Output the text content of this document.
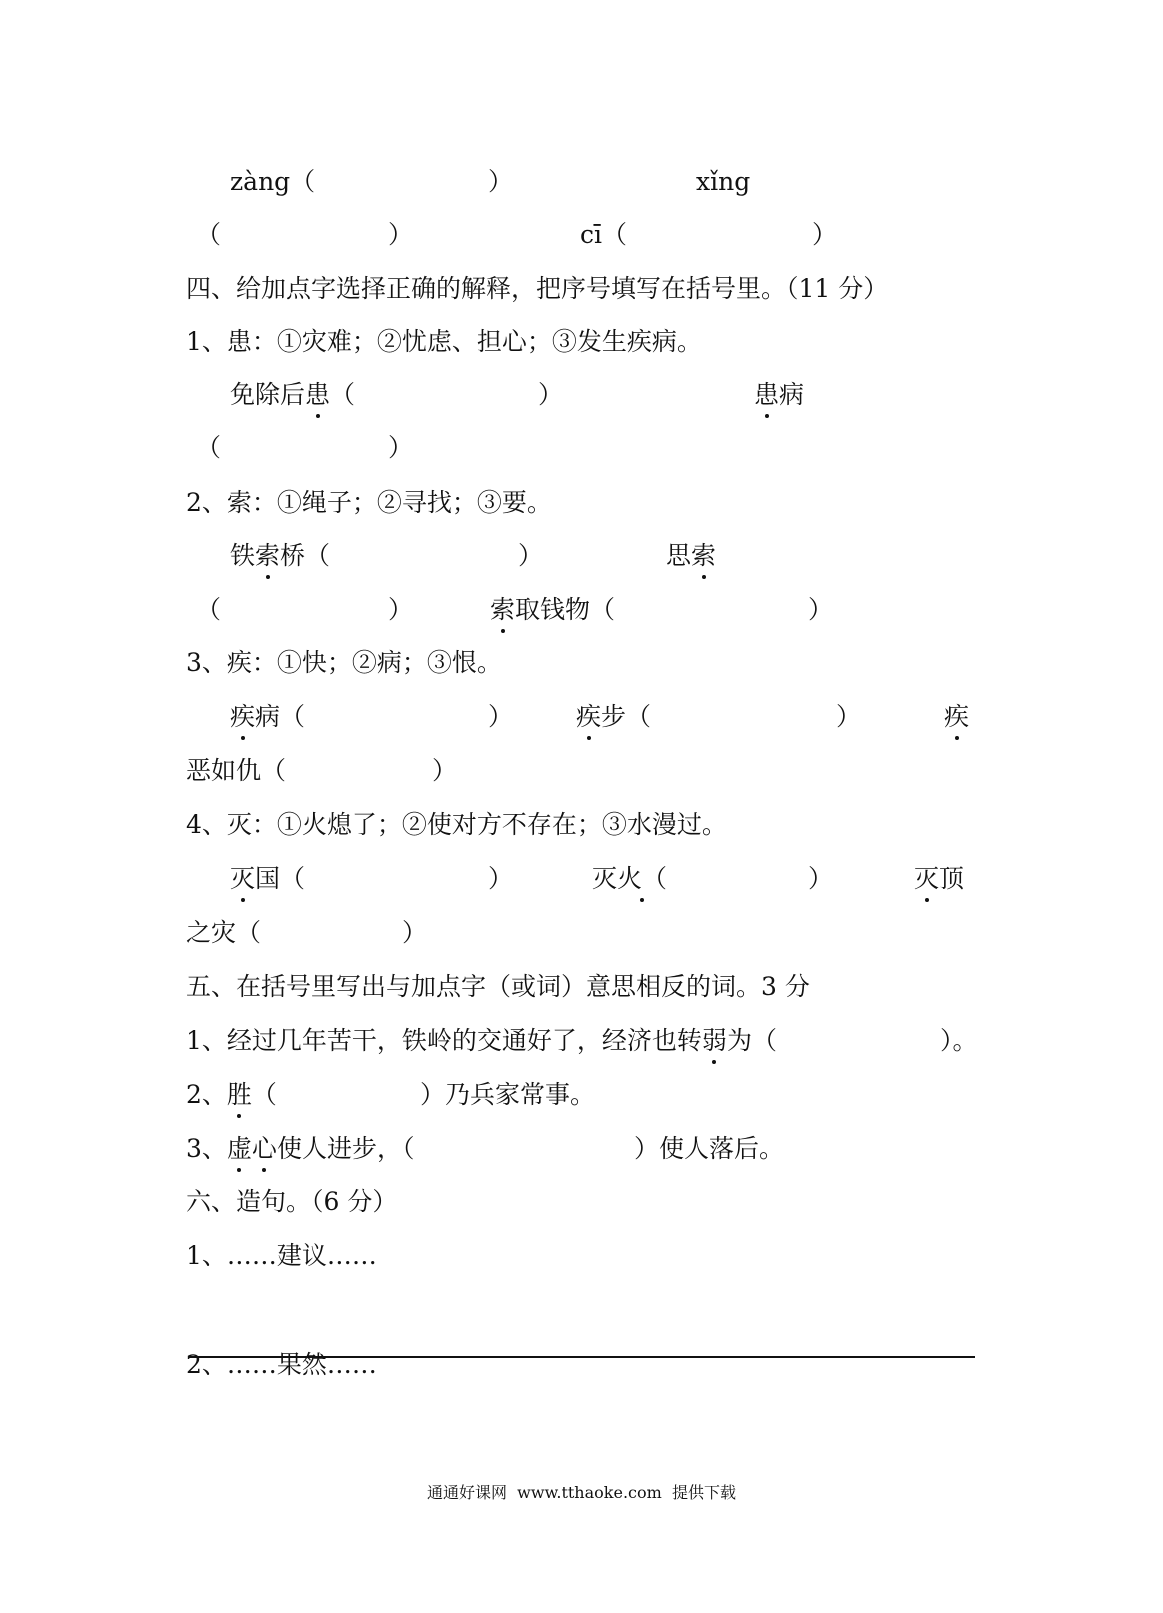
zàng（	）	xǐng
（	）	cī（	）
四、给加点字选择正确的解释，把序号填写在括号里。（11 分）
1、患：①灾难；②忧虑、担心；③发生疾病。
免除后患（	）	患病
（	）
2、索：①绳子；②寻找；③要。
铁索桥（	）	思索
（	）	索取钱物（	）
3、疾：①快；②病；③恨。
疾病（	）	疾步（	）	疾
恶如仇（	）
4、灭：①火熄了；②使对方不存在；③水漫过。
灭国（	）	灭火（	）	灭顶
之灾（	）
五、在括号里写出与加点字（或词）意思相反的词。3 分
1、经过几年苦干，铁岭的交通好了，经济也转弱为（	）。
2、胜（	）乃兵家常事。
3、虚心使人进步，（	）使人落后。
六、造句。（6 分）
1、……建议……
2、……果然……
通通好课网  www.tthaoke.com  提供下载
